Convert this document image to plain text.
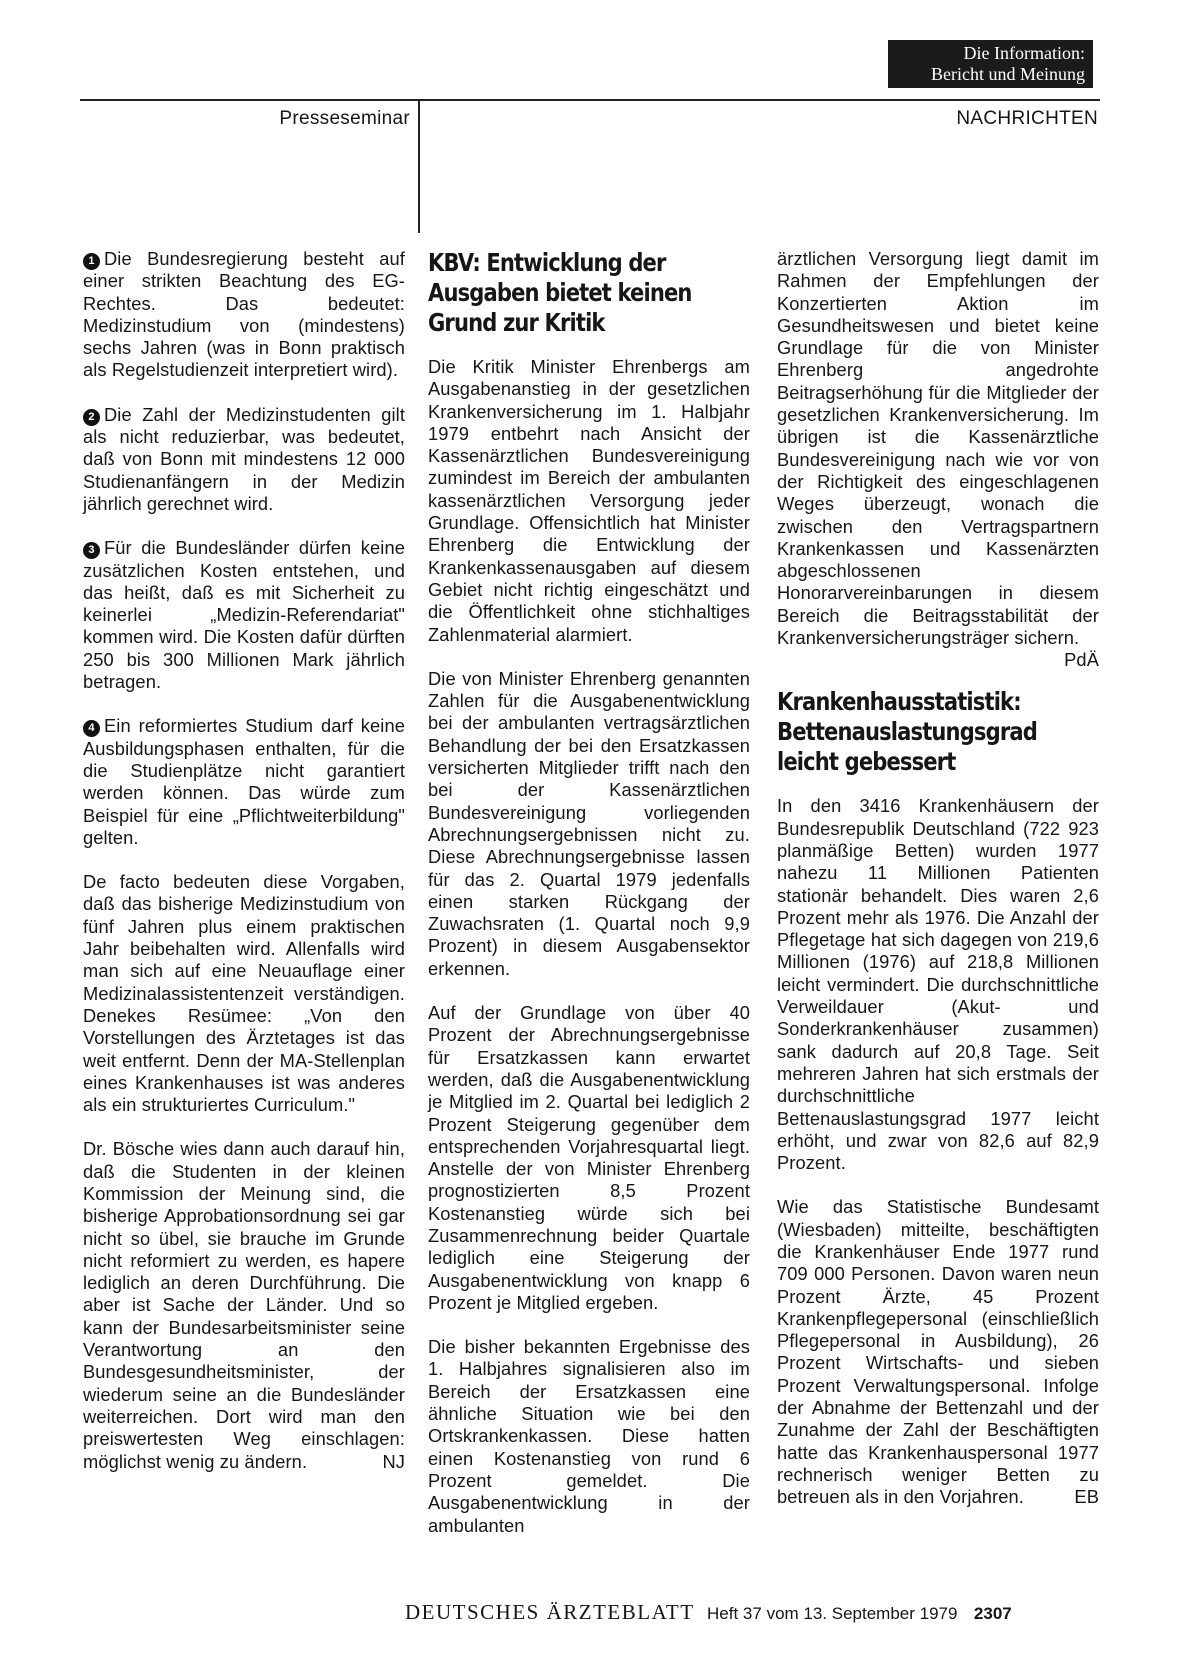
Die Information:
Bericht und Meinung
Presseseminar	NACHRICHTEN

1 Die Bundesregierung besteht auf einer strikten Beachtung des EG-Rechtes. Das bedeutet: Medizinstudium von (mindestens) sechs Jahren (was in Bonn praktisch als Regelstudienzeit interpretiert wird).

2 Die Zahl der Medizinstudenten gilt als nicht reduzierbar, was bedeutet, daß von Bonn mit mindestens 12 000 Studienanfängern in der Medizin jährlich gerechnet wird.

3 Für die Bundesländer dürfen keine zusätzlichen Kosten entstehen, und das heißt, daß es mit Sicherheit zu keinerlei „Medizin-Referendariat" kommen wird. Die Kosten dafür dürften 250 bis 300 Millionen Mark jährlich betragen.

4 Ein reformiertes Studium darf keine Ausbildungsphasen enthalten, für die die Studienplätze nicht garantiert werden können. Das würde zum Beispiel für eine „Pflichtweiterbildung" gelten.

De facto bedeuten diese Vorgaben, daß das bisherige Medizinstudium von fünf Jahren plus einem praktischen Jahr beibehalten wird. Allenfalls wird man sich auf eine Neuauflage einer Medizinalassistentenzeit verständigen. Denekes Resümee: „Von den Vorstellungen des Ärztetages ist das weit entfernt. Denn der MA-Stellenplan eines Krankenhauses ist was anderes als ein strukturiertes Curriculum."

Dr. Bösche wies dann auch darauf hin, daß die Studenten in der kleinen Kommission der Meinung sind, die bisherige Approbationsordnung sei gar nicht so übel, sie brauche im Grunde nicht reformiert zu werden, es hapere lediglich an deren Durchführung. Die aber ist Sache der Länder. Und so kann der Bundesarbeitsminister seine Verantwortung an den Bundesgesundheitsminister, der wiederum seine an die Bundesländer weiterreichen. Dort wird man den preiswertesten Weg einschlagen: möglichst wenig zu ändern.	NJ

KBV: Entwicklung der Ausgaben bietet keinen Grund zur Kritik

Die Kritik Minister Ehrenbergs am Ausgabenanstieg in der gesetzlichen Krankenversicherung im 1. Halbjahr 1979 entbehrt nach Ansicht der Kassenärztlichen Bundesvereinigung zumindest im Bereich der ambulanten kassenärztlichen Versorgung jeder Grundlage. Offensichtlich hat Minister Ehrenberg die Entwicklung der Krankenkassenausgaben auf diesem Gebiet nicht richtig eingeschätzt und die Öffentlichkeit ohne stichhaltiges Zahlenmaterial alarmiert.

Die von Minister Ehrenberg genannten Zahlen für die Ausgabenentwicklung bei der ambulanten vertragsärztlichen Behandlung der bei den Ersatzkassen versicherten Mitglieder trifft nach den bei der Kassenärztlichen Bundesvereinigung vorliegenden Abrechnungsergebnissen nicht zu. Diese Abrechnungsergebnisse lassen für das 2. Quartal 1979 jedenfalls einen starken Rückgang der Zuwachsraten (1. Quartal noch 9,9 Prozent) in diesem Ausgabensektor erkennen.

Auf der Grundlage von über 40 Prozent der Abrechnungsergebnisse für Ersatzkassen kann erwartet werden, daß die Ausgabenentwicklung je Mitglied im 2. Quartal bei lediglich 2 Prozent Steigerung gegenüber dem entsprechenden Vorjahresquartal liegt. Anstelle der von Minister Ehrenberg prognostizierten 8,5 Prozent Kostenanstieg würde sich bei Zusammenrechnung beider Quartale lediglich eine Steigerung der Ausgabenentwicklung von knapp 6 Prozent je Mitglied ergeben.

Die bisher bekannten Ergebnisse des 1. Halbjahres signalisieren also im Bereich der Ersatzkassen eine ähnliche Situation wie bei den Ortskrankenkassen. Diese hatten einen Kostenanstieg von rund 6 Prozent gemeldet. Die Ausgabenentwicklung in der ambulanten

ärztlichen Versorgung liegt damit im Rahmen der Empfehlungen der Konzertierten Aktion im Gesundheitswesen und bietet keine Grundlage für die von Minister Ehrenberg angedrohte Beitragserhöhung für die Mitglieder der gesetzlichen Krankenversicherung. Im übrigen ist die Kassenärztliche Bundesvereinigung nach wie vor von der Richtigkeit des eingeschlagenen Weges überzeugt, wonach die zwischen den Vertragspartnern Krankenkassen und Kassenärzten abgeschlossenen Honorarvereinbarungen in diesem Bereich die Beitragsstabilität der Krankenversicherungsträger sichern.
PdÄ

Krankenhausstatistik: Bettenauslastungsgrad leicht gebessert

In den 3416 Krankenhäusern der Bundesrepublik Deutschland (722 923 planmäßige Betten) wurden 1977 nahezu 11 Millionen Patienten stationär behandelt. Dies waren 2,6 Prozent mehr als 1976. Die Anzahl der Pflegetage hat sich dagegen von 219,6 Millionen (1976) auf 218,8 Millionen leicht vermindert. Die durchschnittliche Verweildauer (Akut- und Sonderkrankenhäuser zusammen) sank dadurch auf 20,8 Tage. Seit mehreren Jahren hat sich erstmals der durchschnittliche Bettenauslastungsgrad 1977 leicht erhöht, und zwar von 82,6 auf 82,9 Prozent.

Wie das Statistische Bundesamt (Wiesbaden) mitteilte, beschäftigten die Krankenhäuser Ende 1977 rund 709 000 Personen. Davon waren neun Prozent Ärzte, 45 Prozent Krankenpflegepersonal (einschließlich Pflegepersonal in Ausbildung), 26 Prozent Wirtschafts- und sieben Prozent Verwaltungspersonal. Infolge der Abnahme der Bettenzahl und der Zunahme der Zahl der Beschäftigten hatte das Krankenhauspersonal 1977 rechnerisch weniger Betten zu betreuen als in den Vorjahren.	EB

DEUTSCHES ÄRZTEBLATT Heft 37 vom 13. September 1979 2307
